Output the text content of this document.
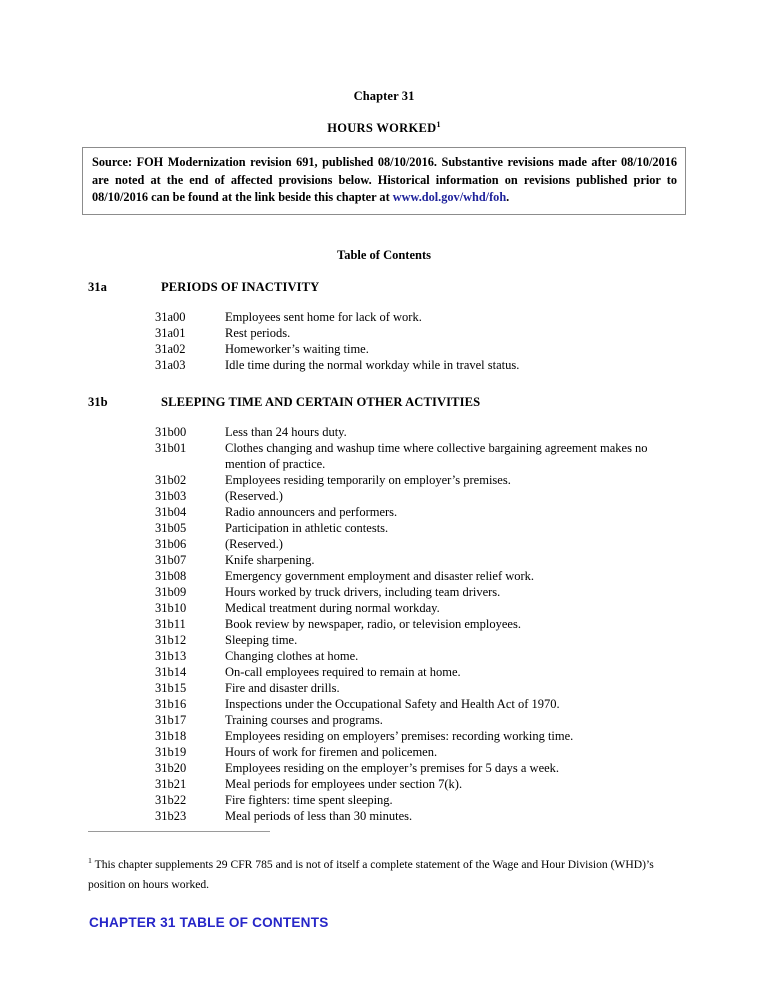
Chapter 31
HOURS WORKED$^1$

Source: FOH Modernization revision 691, published 08/10/2016. Substantive revisions made after 08/10/2016 are noted at the end of affected provisions below. Historical information on revisions published prior to 08/10/2016 can be found at the link beside this chapter at www.dol.gov/whd/foh.

Table of Contents
31a	PERIODS OF INACTIVITY
31a00	Employees sent home for lack of work.
31a01	Rest periods.
31a02	Homeworker’s waiting time.
31a03	Idle time during the normal workday while in travel status.
31b	SLEEPING TIME AND CERTAIN OTHER ACTIVITIES
31b00	Less than 24 hours duty.
31b01	Clothes changing and washup time where collective bargaining agreement makes no mention of practice.
31b02	Employees residing temporarily on employer’s premises.
31b03	(Reserved.)
31b04	Radio announcers and performers.
31b05	Participation in athletic contests.
31b06	(Reserved.)
31b07	Knife sharpening.
31b08	Emergency government employment and disaster relief work.
31b09	Hours worked by truck drivers, including team drivers.
31b10	Medical treatment during normal workday.
31b11	Book review by newspaper, radio, or television employees.
31b12	Sleeping time.
31b13	Changing clothes at home.
31b14	On-call employees required to remain at home.
31b15	Fire and disaster drills.
31b16	Inspections under the Occupational Safety and Health Act of 1970.
31b17	Training courses and programs.
31b18	Employees residing on employers’ premises: recording working time.
31b19	Hours of work for firemen and policemen.
31b20	Employees residing on the employer’s premises for 5 days a week.
31b21	Meal periods for employees under section 7(k).
31b22	Fire fighters: time spent sleeping.
31b23	Meal periods of less than 30 minutes.
$^1$ This chapter supplements 29 CFR 785 and is not of itself a complete statement of the Wage and Hour Division (WHD)’s position on hours worked.
CHAPTER 31 TABLE OF CONTENTS
